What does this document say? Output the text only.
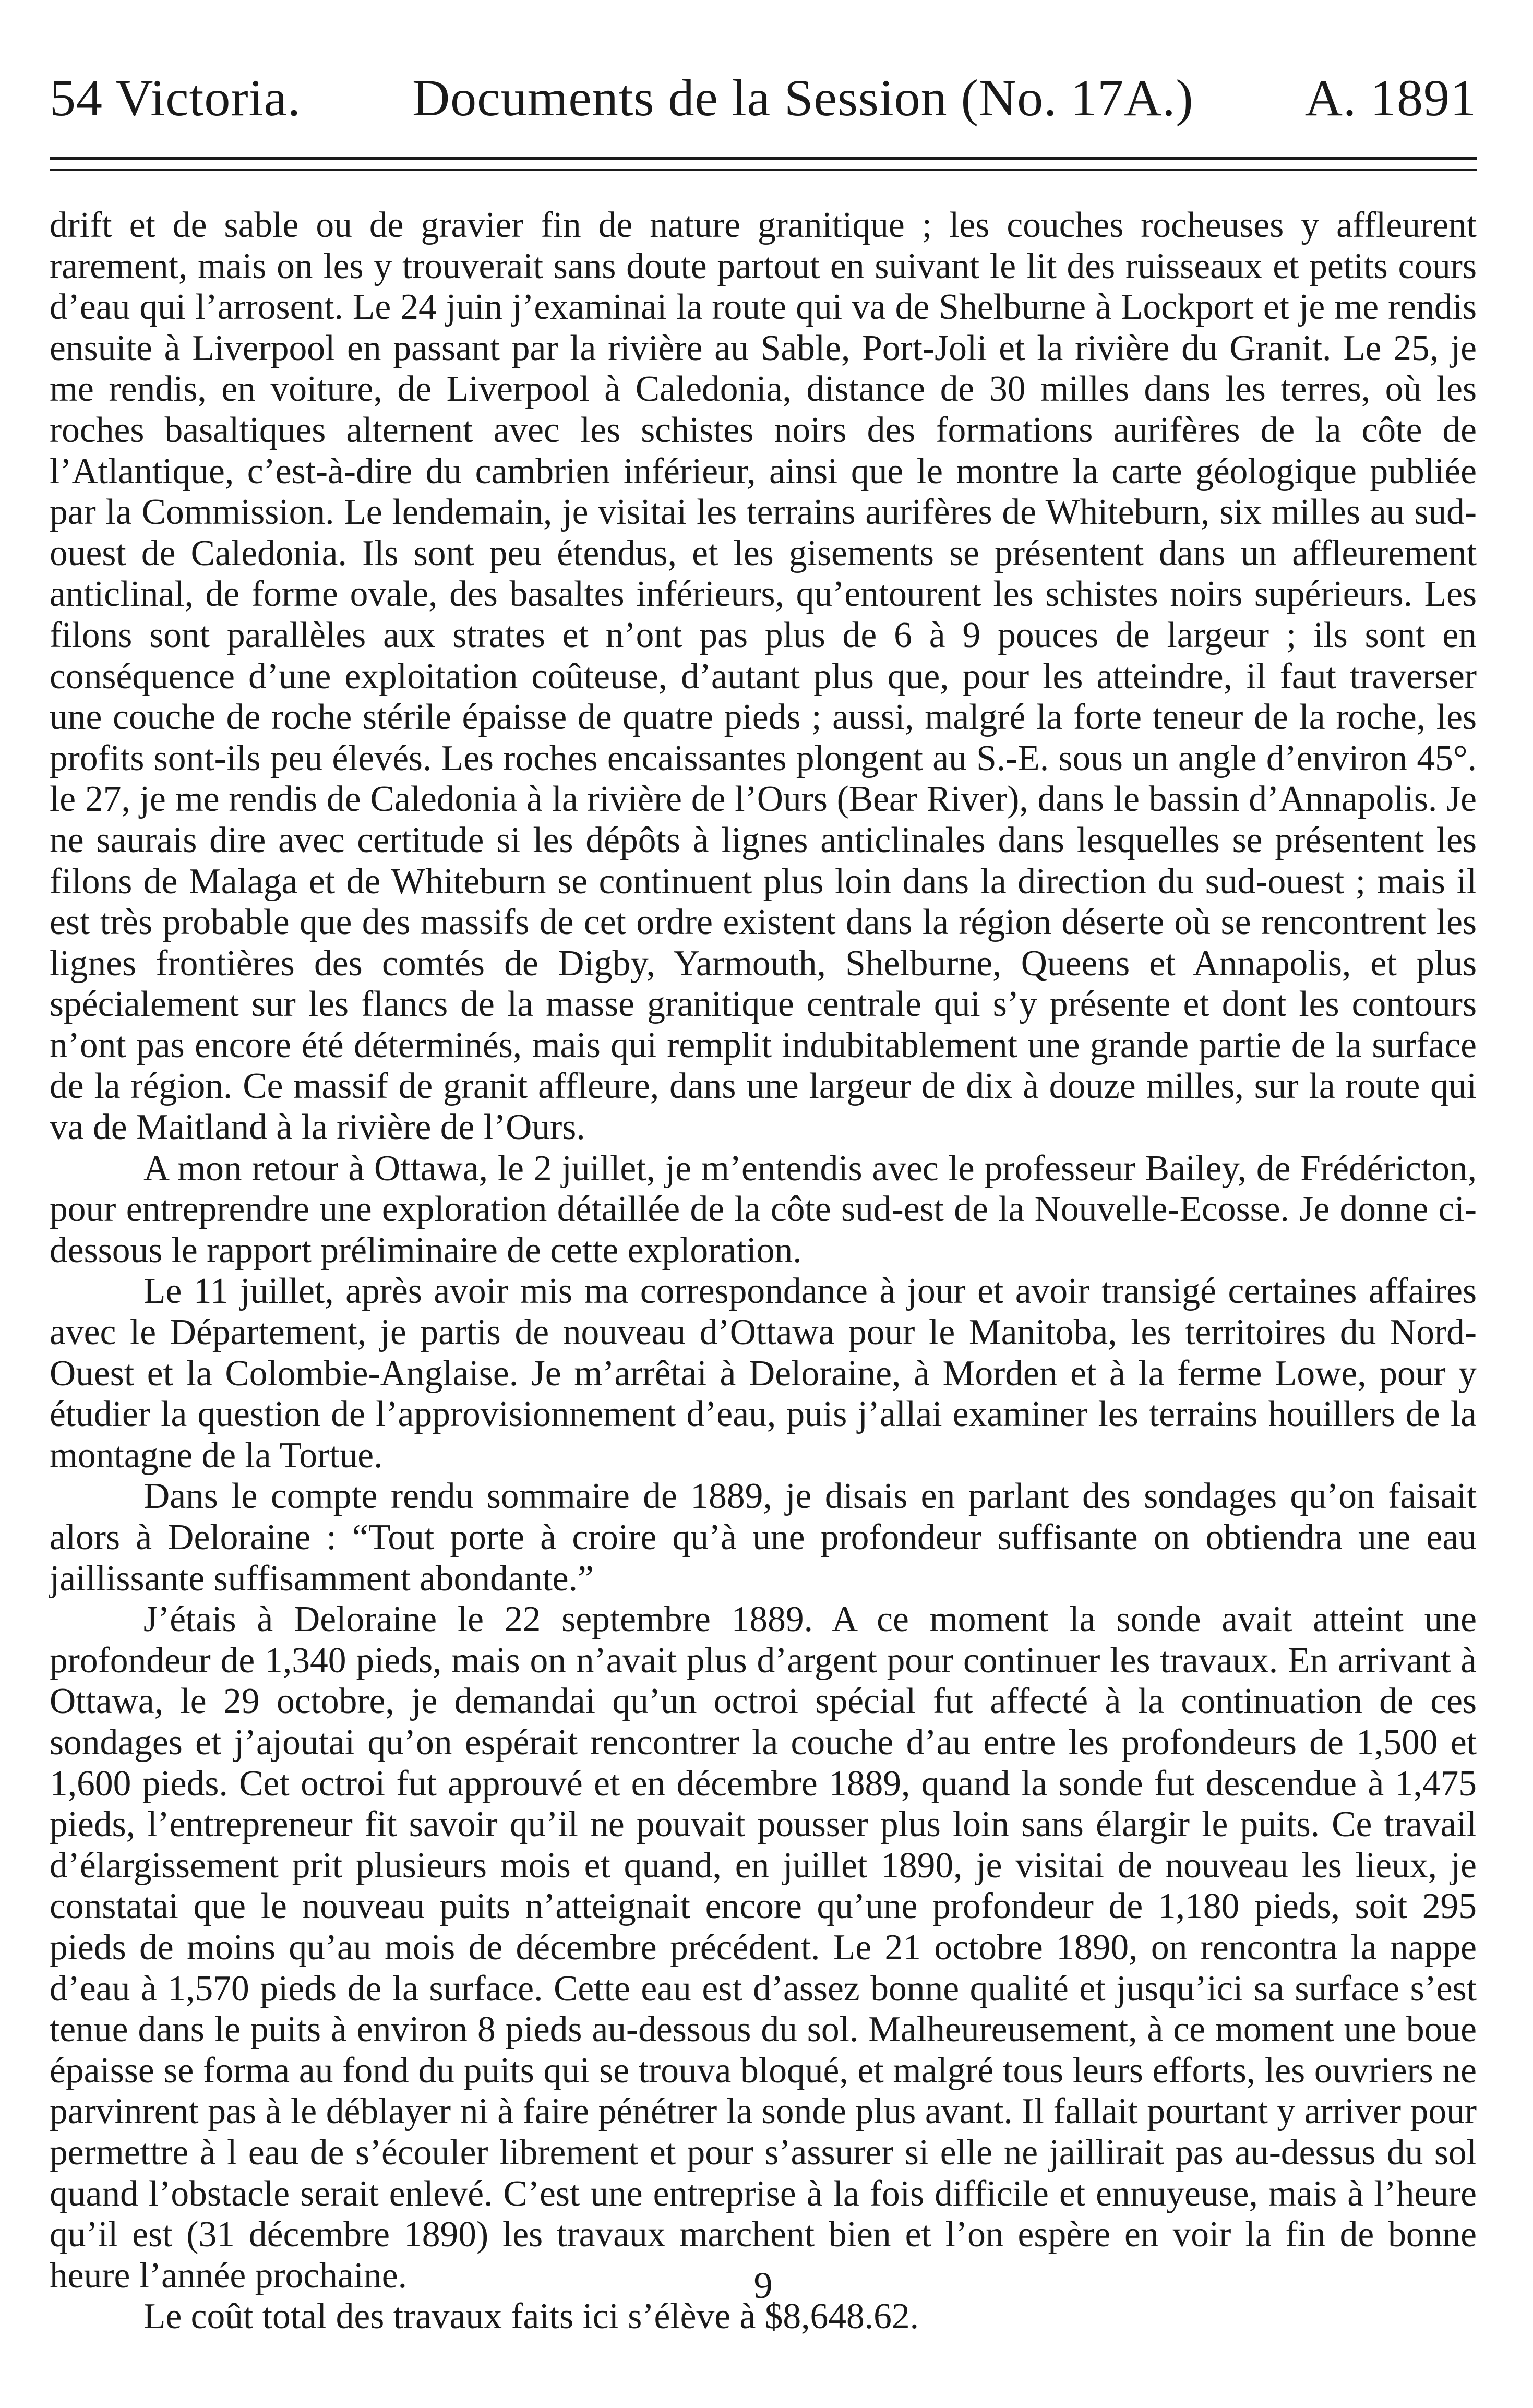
54 Victoria. Documents de la Session (No. 17A.) A. 1891

drift et de sable ou de gravier fin de nature granitique ; les couches rocheuses y affleurent rarement, mais on les y trouverait sans doute partout en suivant le lit des ruisseaux et petits cours d’eau qui l’arrosent. Le 24 juin j’examinai la route qui va de Shelburne à Lockport et je me rendis ensuite à Liverpool en passant par la rivière au Sable, Port-Joli et la rivière du Granit. Le 25, je me rendis, en voiture, de Liverpool à Caledonia, distance de 30 milles dans les terres, où les roches basaltiques alternent avec les schistes noirs des formations aurifères de la côte de l’Atlantique, c’est-à-dire du cambrien inférieur, ainsi que le montre la carte géologique publiée par la Commission. Le lendemain, je visitai les terrains aurifères de Whiteburn, six milles au sud-ouest de Caledonia. Ils sont peu étendus, et les gisements se présentent dans un affleurement anticlinal, de forme ovale, des basaltes inférieurs, qu’entourent les schistes noirs supérieurs. Les filons sont parallèles aux strates et n’ont pas plus de 6 à 9 pouces de largeur ; ils sont en conséquence d’une exploitation coûteuse, d’autant plus que, pour les atteindre, il faut traverser une couche de roche stérile épaisse de quatre pieds ; aussi, malgré la forte teneur de la roche, les profits sont-ils peu élevés. Les roches encaissantes plongent au S.-E. sous un angle d’environ 45°. le 27, je me rendis de Caledonia à la rivière de l’Ours (Bear River), dans le bassin d’Annapolis. Je ne saurais dire avec certitude si les dépôts à lignes anticlinales dans lesquelles se présentent les filons de Malaga et de Whiteburn se continuent plus loin dans la direction du sud-ouest ; mais il est très probable que des massifs de cet ordre existent dans la région déserte où se rencontrent les lignes frontières des comtés de Digby, Yarmouth, Shelburne, Queens et Annapolis, et plus spécialement sur les flancs de la masse granitique centrale qui s’y présente et dont les contours n’ont pas encore été déterminés, mais qui remplit indubitablement une grande partie de la surface de la région. Ce massif de granit affleure, dans une largeur de dix à douze milles, sur la route qui va de Maitland à la rivière de l’Ours.

A mon retour à Ottawa, le 2 juillet, je m’entendis avec le professeur Bailey, de Frédéricton, pour entreprendre une exploration détaillée de la côte sud-est de la Nouvelle-Ecosse. Je donne ci-dessous le rapport préliminaire de cette exploration.

Le 11 juillet, après avoir mis ma correspondance à jour et avoir transigé certaines affaires avec le Département, je partis de nouveau d’Ottawa pour le Manitoba, les territoires du Nord-Ouest et la Colombie-Anglaise. Je m’arrêtai à Deloraine, à Morden et à la ferme Lowe, pour y étudier la question de l’approvisionnement d’eau, puis j’allai examiner les terrains houillers de la montagne de la Tortue.

Dans le compte rendu sommaire de 1889, je disais en parlant des sondages qu’on faisait alors à Deloraine : “Tout porte à croire qu’à une profondeur suffisante on obtiendra une eau jaillissante suffisamment abondante.”

J’étais à Deloraine le 22 septembre 1889. A ce moment la sonde avait atteint une profondeur de 1,340 pieds, mais on n’avait plus d’argent pour continuer les travaux. En arrivant à Ottawa, le 29 octobre, je demandai qu’un octroi spécial fut affecté à la continuation de ces sondages et j’ajoutai qu’on espérait rencontrer la couche d’au entre les profondeurs de 1,500 et 1,600 pieds. Cet octroi fut approuvé et en décembre 1889, quand la sonde fut descendue à 1,475 pieds, l’entrepreneur fit savoir qu’il ne pouvait pousser plus loin sans élargir le puits. Ce travail d’élargissement prit plusieurs mois et quand, en juillet 1890, je visitai de nouveau les lieux, je constatai que le nouveau puits n’atteignait encore qu’une profondeur de 1,180 pieds, soit 295 pieds de moins qu’au mois de décembre précédent. Le 21 octobre 1890, on rencontra la nappe d’eau à 1,570 pieds de la surface. Cette eau est d’assez bonne qualité et jusqu’ici sa surface s’est tenue dans le puits à environ 8 pieds au-dessous du sol. Malheureusement, à ce moment une boue épaisse se forma au fond du puits qui se trouva bloqué, et malgré tous leurs efforts, les ouvriers ne parvinrent pas à le déblayer ni à faire pénétrer la sonde plus avant. Il fallait pourtant y arriver pour permettre à l eau de s’écouler librement et pour s’assurer si elle ne jaillirait pas au-dessus du sol quand l’obstacle serait enlevé. C’est une entreprise à la fois difficile et ennuyeuse, mais à l’heure qu’il est (31 décembre 1890) les travaux marchent bien et l’on espère en voir la fin de bonne heure l’année prochaine.

Le coût total des travaux faits ici s’élève à $8,648.62.

9
